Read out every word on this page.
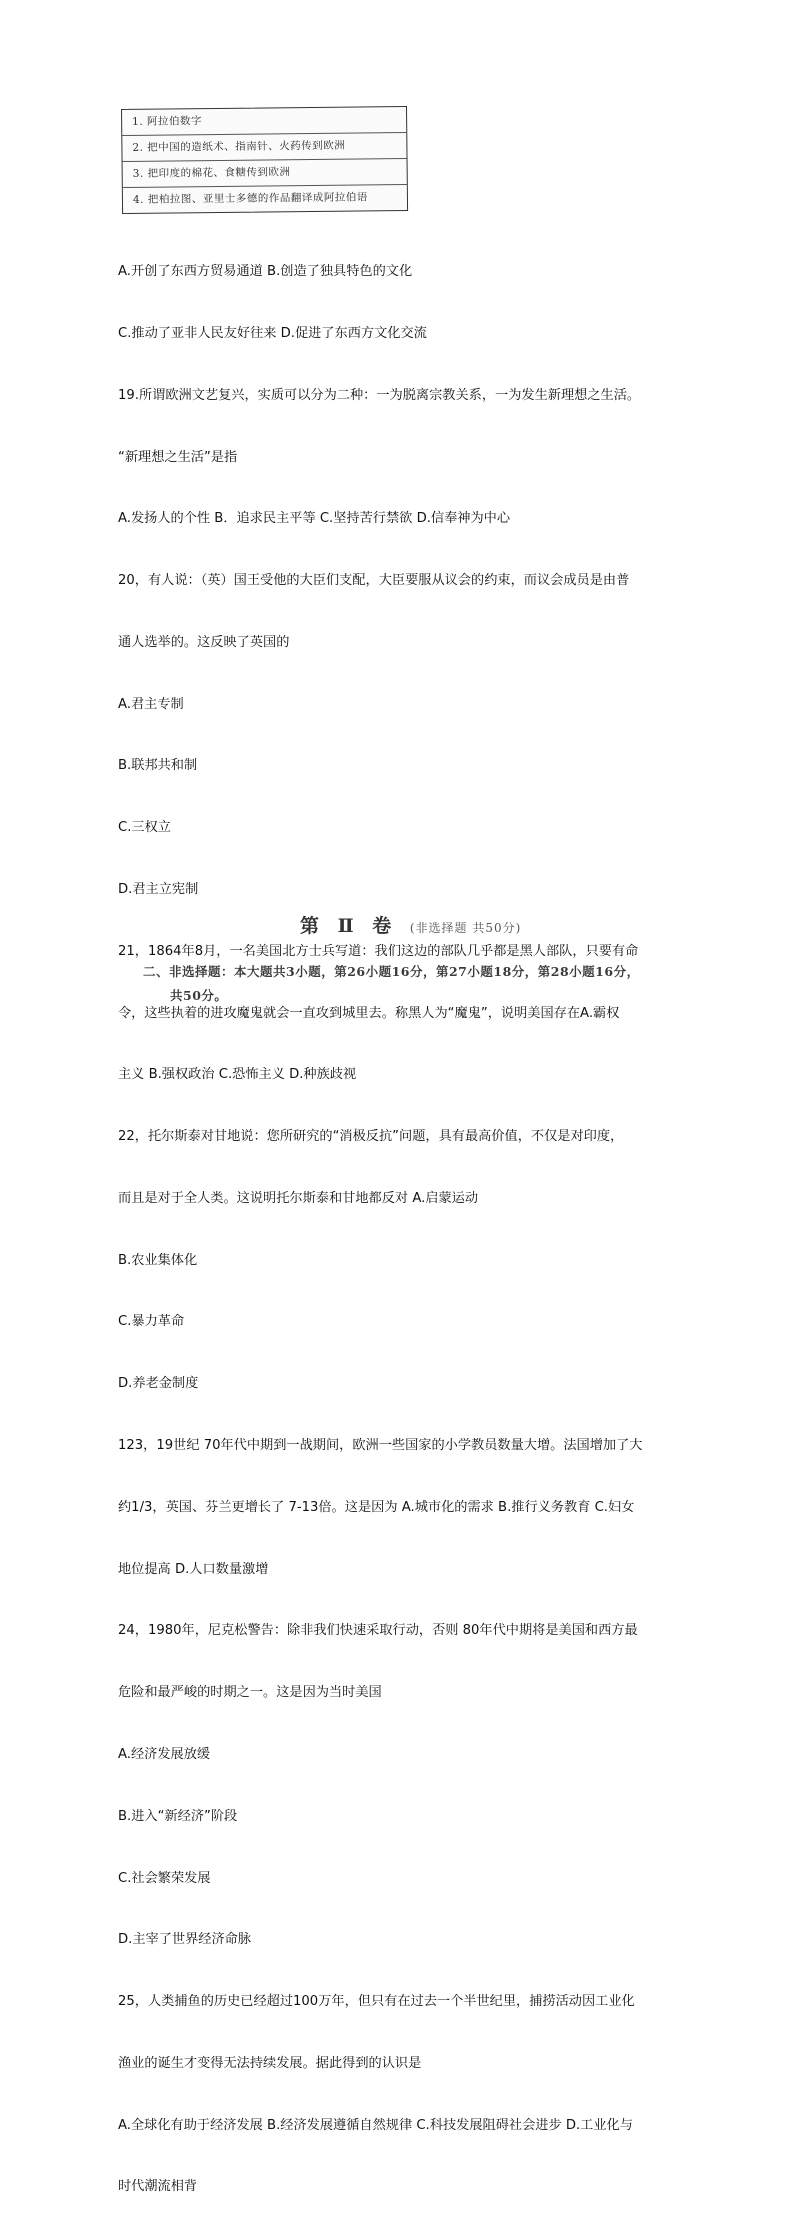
1. 阿拉伯数字
2. 把中国的造纸术、指南针、火药传到欧洲
3. 把印度的棉花、食糖传到欧洲
4. 把柏拉图、亚里士多德的作品翻译成阿拉伯语

A.开创了东西方贸易通道 B.创造了独具特色的文化

C.推动了亚非人民友好往来 D.促进了东西方文化交流

19.所谓欧洲文艺复兴，实质可以分为二种：一为脱离宗教关系，一为发生新理想之生活。

“新理想之生活”是指

A.发扬人的个性 B．追求民主平等 C.坚持苦行禁欲 D.信奉神为中心

20，有人说：（英）国王受他的大臣们支配，大臣要服从议会的约束，而议会成员是由普

通人选举的。这反映了英国的

A.君主专制

B.联邦共和制

C.三权立

D.君主立宪制

21，1864年8月，一名美国北方士兵写道：我们这边的部队几乎都是黑人部队，只要有命

令，这些执着的进攻魔鬼就会一直攻到城里去。称黑人为“魔鬼”，说明美国存在A.霸权

主义 B.强权政治 C.恐怖主义 D.种族歧视

22，托尔斯泰对甘地说：您所研究的“消极反抗”问题，具有最高价值，不仅是对印度，

而且是对于全人类。这说明托尔斯泰和甘地都反对 A.启蒙运动

B.农业集体化

C.暴力革命

D.养老金制度

123，19世纪 70年代中期到一战期间，欧洲一些国家的小学教员数量大增。法国增加了大

约1/3，英国、芬兰更增长了 7-13倍。这是因为 A.城市化的需求 B.推行义务教育 C.妇女

地位提高 D.人口数量激增

24，1980年，尼克松警告：除非我们快速采取行动，否则 80年代中期将是美国和西方最

危险和最严峻的时期之一。这是因为当时美国

A.经济发展放缓

B.进入“新经济”阶段

C.社会繁荣发展

D.主宰了世界经济命脉

25，人类捕鱼的历史已经超过100万年，但只有在过去一个半世纪里，捕捞活动因工业化

渔业的诞生才变得无法持续发展。据此得到的认识是

A.全球化有助于经济发展 B.经济发展遵循自然规律 C.科技发展阻碍社会进步 D.工业化与

时代潮流相背

第 Ⅱ 卷 (非选择题 共50分)
二、非选择题：本大题共3小题，第26小题16分，第27小题18分，第28小题16分，
共50分。
